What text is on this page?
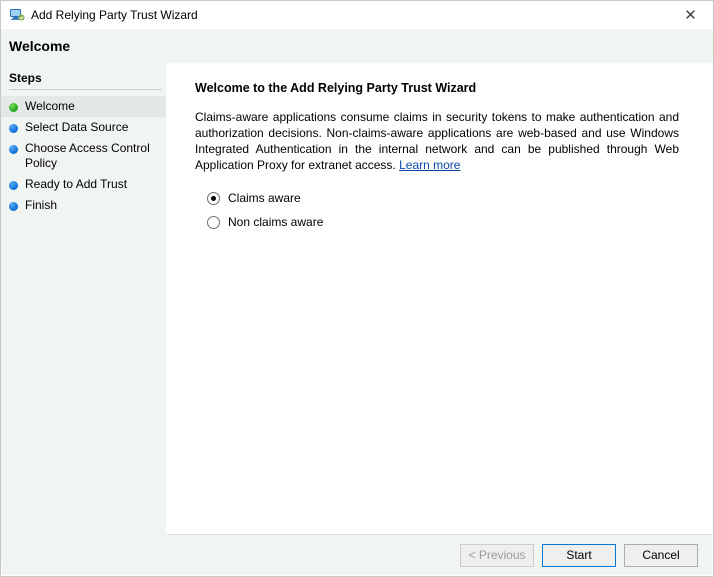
Add Relying Party Trust Wizard	✕
Welcome
Steps
Welcome
Select Data Source
Choose Access Control Policy
Ready to Add Trust
Finish
Welcome to the Add Relying Party Trust Wizard
Claims-aware applications consume claims in security tokens to make authentication and authorization decisions. Non-claims-aware applications are web-based and use Windows Integrated Authentication in the internal network and can be published through Web Application Proxy for extranet access. Learn more
Claims aware
Non claims aware
< Previous	Start	Cancel
